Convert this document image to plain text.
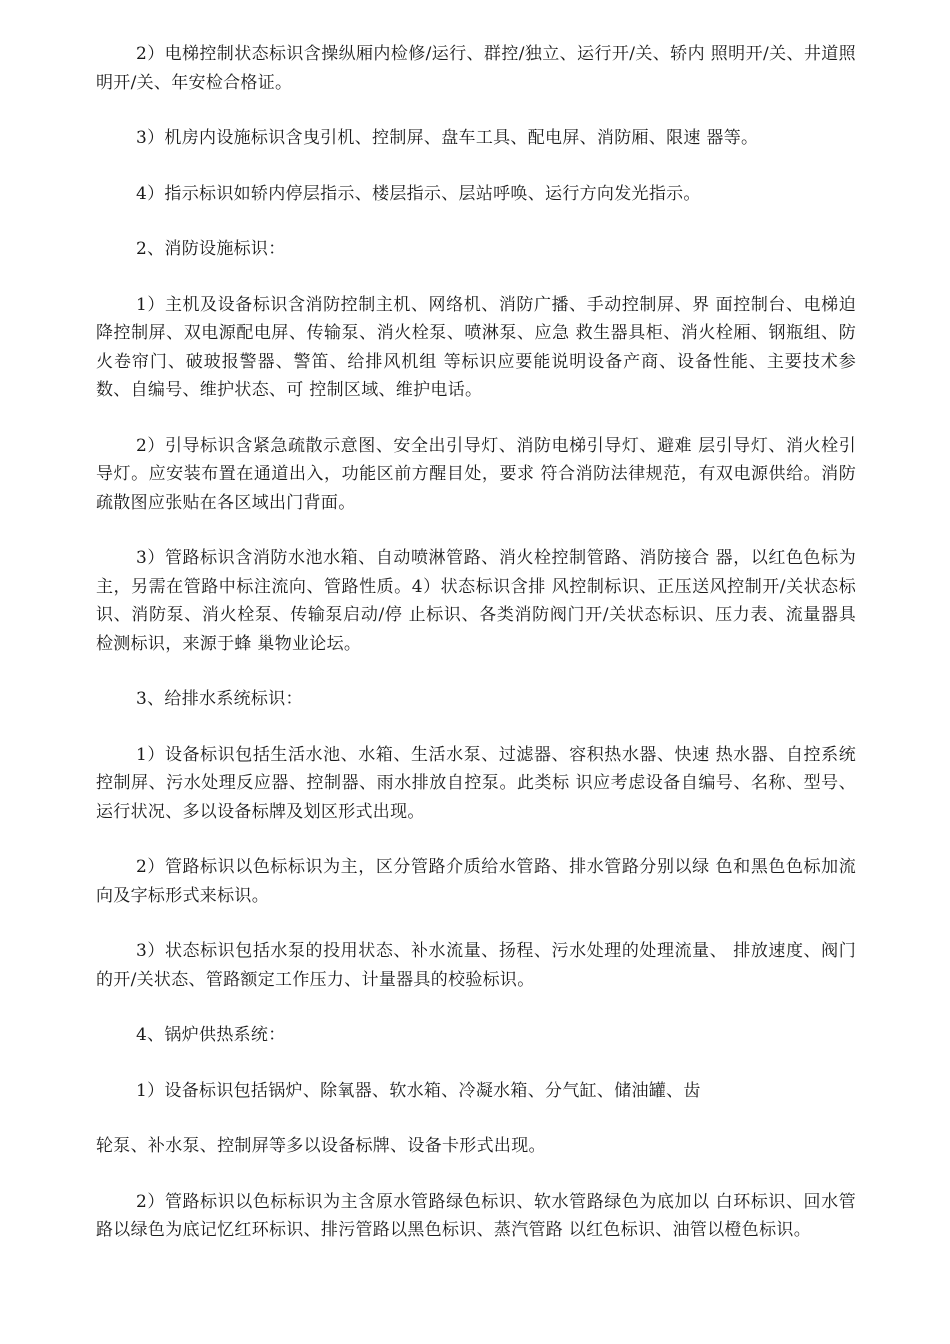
2）电梯控制状态标识含操纵厢内检修/运行、群控/独立、运行开/关、轿内 照明开/关、井道照明开/关、年安检合格证。

3）机房内设施标识含曳引机、控制屏、盘车工具、配电屏、消防厢、限速 器等。

4）指示标识如轿内停层指示、楼层指示、层站呼唤、运行方向发光指示。

2、消防设施标识：

1）主机及设备标识含消防控制主机、网络机、消防广播、手动控制屏、界 面控制台、电梯迫降控制屏、双电源配电屏、传输泵、消火栓泵、喷淋泵、应急 救生器具柜、消火栓厢、钢瓶组、防火卷帘门、破玻报警器、警笛、给排风机组 等标识应要能说明设备产商、设备性能、主要技术参数、自编号、维护状态、可 控制区域、维护电话。

2）引导标识含紧急疏散示意图、安全出引导灯、消防电梯引导灯、避难 层引导灯、消火栓引导灯。应安装布置在通道出入，功能区前方醒目处，要求 符合消防法律规范，有双电源供给。消防疏散图应张贴在各区域出门背面。

3）管路标识含消防水池水箱、自动喷淋管路、消火栓控制管路、消防接合 器，以红色色标为主，另需在管路中标注流向、管路性质。4）状态标识含排 风控制标识、正压送风控制开/关状态标识、消防泵、消火栓泵、传输泵启动/停 止标识、各类消防阀门开/关状态标识、压力表、流量器具检测标识，来源于蜂 巢物业论坛。

3、给排水系统标识：

1）设备标识包括生活水池、水箱、生活水泵、过滤器、容积热水器、快速 热水器、自控系统控制屏、污水处理反应器、控制器、雨水排放自控泵。此类标 识应考虑设备自编号、名称、型号、运行状况、多以设备标牌及划区形式出现。

2）管路标识以色标标识为主，区分管路介质给水管路、排水管路分别以绿 色和黑色色标加流向及字标形式来标识。

3）状态标识包括水泵的投用状态、补水流量、扬程、污水处理的处理流量、 排放速度、阀门的开/关状态、管路额定工作压力、计量器具的校验标识。

4、锅炉供热系统：

1）设备标识包括锅炉、除氧器、软水箱、冷凝水箱、分气缸、储油罐、齿

轮泵、补水泵、控制屏等多以设备标牌、设备卡形式出现。

2）管路标识以色标标识为主含原水管路绿色标识、软水管路绿色为底加以 白环标识、回水管路以绿色为底记忆红环标识、排污管路以黑色标识、蒸汽管路 以红色标识、油管以橙色标识。
